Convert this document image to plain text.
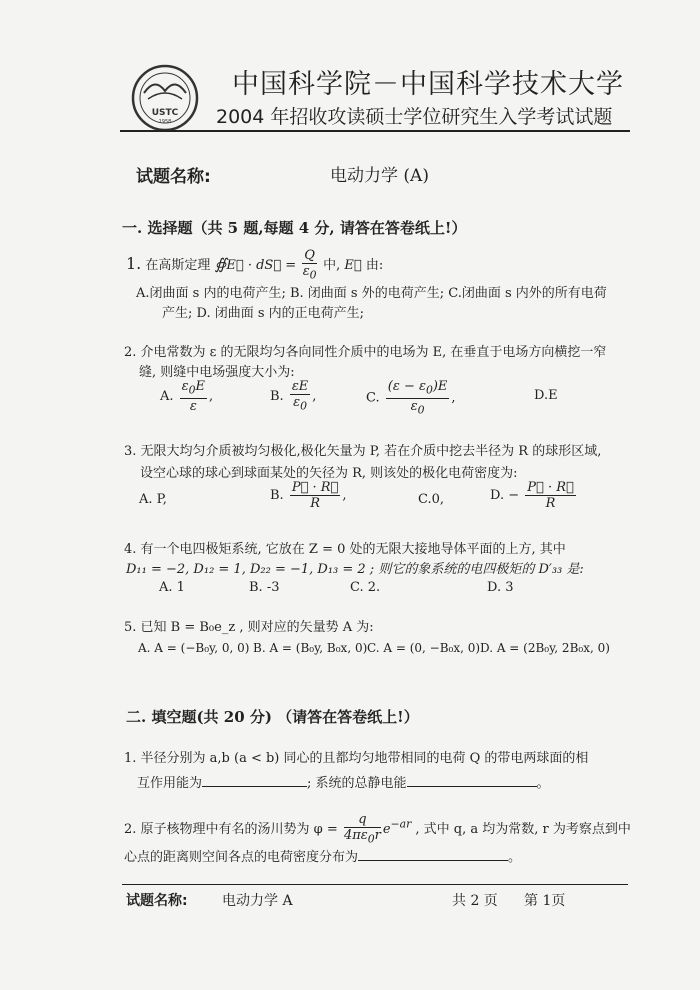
USTC
1958
中国科学院－中国科学技术大学
2004 年招收攻读硕士学位研究生入学考试试题
试题名称:	电动力学 (A)
一. 选择题（共 5 题,每题 4 分, 请答在答卷纸上!）
1. 在高斯定理 ∯E⃗ · dS⃗ = $\frac{Q}{\varepsilon_0}$ 中, E⃗ 由:
A.闭曲面 s 内的电荷产生; B. 闭曲面 s 外的电荷产生; C.闭曲面 s 内外的所有电荷
产生; D. 闭曲面 s 内的正电荷产生;
2. 介电常数为 ε 的无限均匀各向同性介质中的电场为 E, 在垂直于电场方向横挖一窄
缝, 则缝中电场强度大小为:
A. $\frac{\varepsilon_0E}{\varepsilon}$ ,	B. $\frac{\varepsilon E}{\varepsilon_0}$ ,	C. $\frac{(\varepsilon - \varepsilon_0)E}{\varepsilon_0}$ ,	D.E
3. 无限大均匀介质被均匀极化,极化矢量为 P, 若在介质中挖去半径为 R 的球形区域,
设空心球的球心到球面某处的矢径为 R, 则该处的极化电荷密度为:
A. P,	B. $\frac{P⃗ \cdot R⃗}{R}$ ,	C.0,	D. − $\frac{P⃗ \cdot R⃗}{R}$
4. 有一个电四极矩系统, 它放在 Z = 0 处的无限大接地导体平面的上方, 其中
D₁₁ = −2, D₁₂ = 1, D₂₂ = −1, D₁₃ = 2 ; 则它的象系统的电四极矩的 D′₃₃ 是:
A. 1	B. -3	C. 2.	D. 3
5. 已知 B = B₀e_z , 则对应的矢量势 A 为:
A. A = (−B₀y, 0, 0) B. A = (B₀y, B₀x, 0) C. A = (0, −B₀x, 0) D. A = (2B₀y, 2B₀x, 0)
二. 填空题(共 20 分) （请答在答卷纸上!）
1. 半径分别为 a,b (a < b) 同心的且都均匀地带相同的电荷 Q 的带电两球面的相
互作用能为	; 系统的总静电能	。
2. 原子核物理中有名的汤川势为 $\varphi = \frac{q}{4\pi\varepsilon_0r} e^{-ar}$ , 式中 q, a 均为常数, r 为考察点到中
心点的距离则空间各点的电荷密度分布为	。
试题名称: 电动力学 A	共 2 页 第 1页
